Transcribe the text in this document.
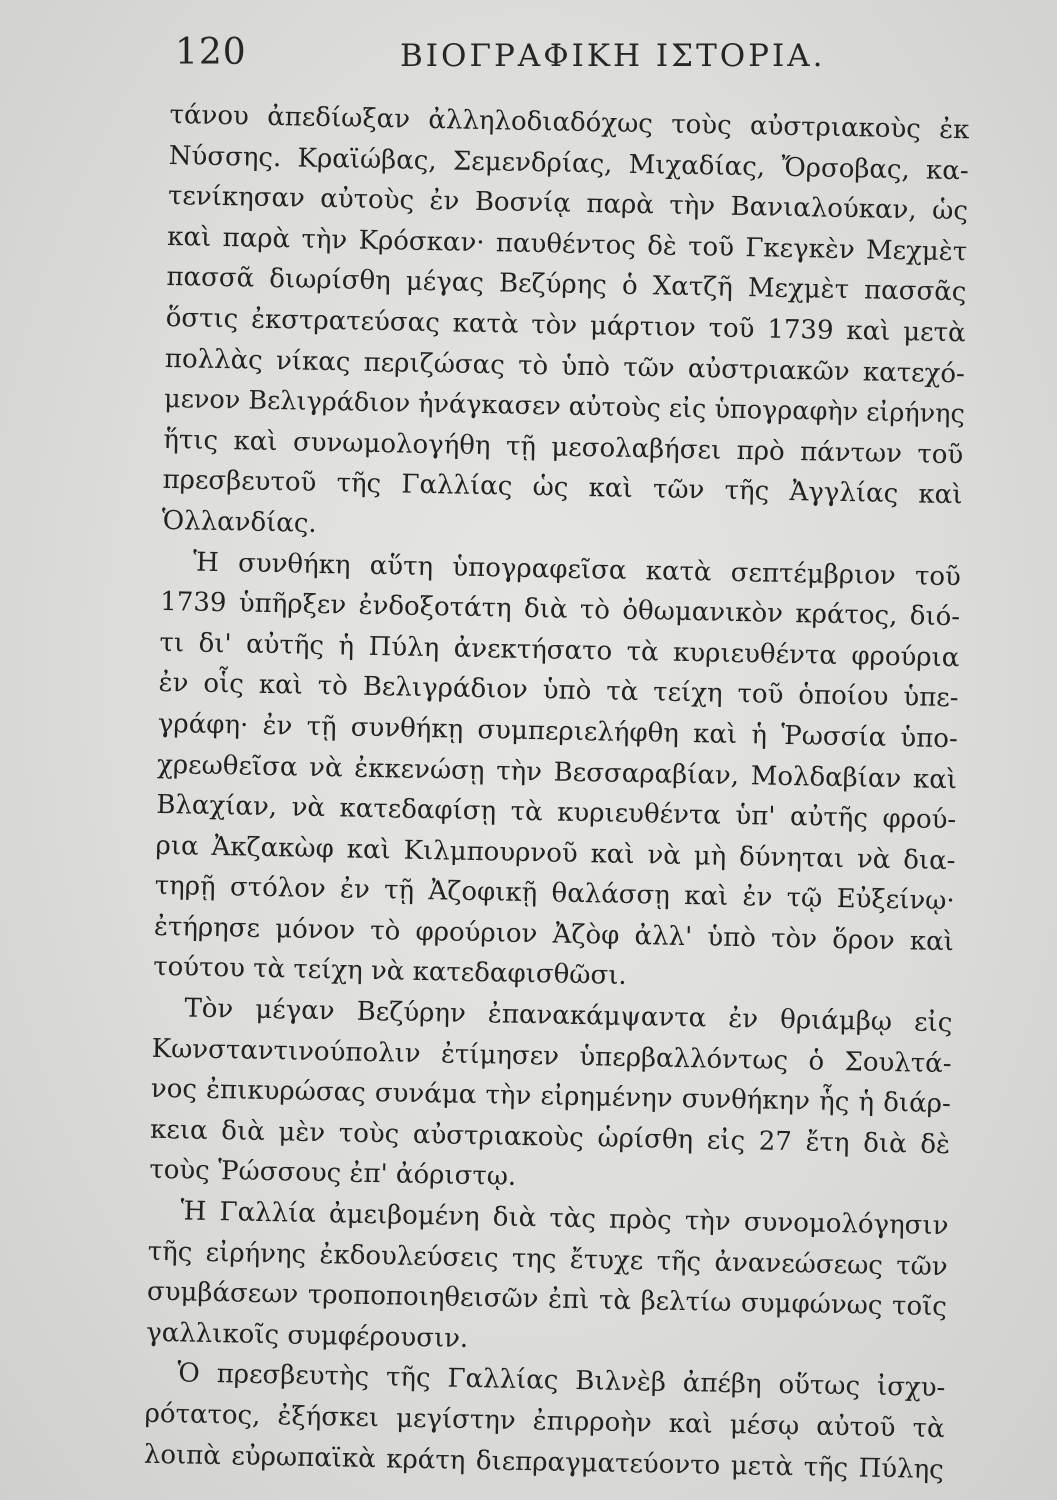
120	ΒΙΟΓΡΑΦΙΚΗ ΙΣΤΟΡΙΑ.
τάνου ἀπεδίωξαν ἀλληλοδιαδόχως τοὺς αὐστριακοὺς ἐκ
Νύσσης. Κραϊώβας, Σεμενδρίας, Μιχαδίας, Ὄρσοβας, κα-
τενίκησαν αὐτοὺς ἐν Βοσνίᾳ παρὰ τὴν Βανιαλούκαν, ὡς
καὶ παρὰ τὴν Κρόσκαν· παυθέντος δὲ τοῦ Γκεγκὲν Μεχμὲτ
πασσᾶ διωρίσθη μέγας Βεζύρης ὁ Χατζῆ Μεχμὲτ πασσᾶς
ὅστις ἐκστρατεύσας κατὰ τὸν μάρτιον τοῦ 1739 καὶ μετὰ
πολλὰς νίκας περιζώσας τὸ ὑπὸ τῶν αὐστριακῶν κατεχό-
μενον Βελιγράδιον ἠνάγκασεν αὐτοὺς εἰς ὑπογραφὴν εἰρήνης
ἥτις καὶ συνωμολογήθη τῇ μεσολαβήσει πρὸ πάντων τοῦ
πρεσβευτοῦ τῆς Γαλλίας ὡς καὶ τῶν τῆς Ἀγγλίας καὶ
Ὁλλανδίας.
Ἡ συνθήκη αὕτη ὑπογραφεῖσα κατὰ σεπτέμβριον τοῦ
1739 ὑπῆρξεν ἐνδοξοτάτη διὰ τὸ ὀθωμανικὸν κράτος, διό-
τι δι' αὐτῆς ἡ Πύλη ἀνεκτήσατο τὰ κυριευθέντα φρούρια
ἐν οἷς καὶ τὸ Βελιγράδιον ὑπὸ τὰ τείχη τοῦ ὁποίου ὑπε-
γράφη· ἐν τῇ συνθήκῃ συμπεριελήφθη καὶ ἡ Ῥωσσία ὑπο-
χρεωθεῖσα νὰ ἐκκενώσῃ τὴν Βεσσαραβίαν, Μολδαβίαν καὶ
Βλαχίαν, νὰ κατεδαφίσῃ τὰ κυριευθέντα ὑπ' αὐτῆς φρού-
ρια Ἀκζακὼφ καὶ Κιλμπουρνοῦ καὶ νὰ μὴ δύνηται νὰ δια-
τηρῇ στόλον ἐν τῇ Ἀζοφικῇ θαλάσσῃ καὶ ἐν τῷ Εὐξείνῳ·
ἐτήρησε μόνον τὸ φρούριον Ἀζὸφ ἀλλ' ὑπὸ τὸν ὅρον καὶ
τούτου τὰ τείχη νὰ κατεδαφισθῶσι.
Τὸν μέγαν Βεζύρην ἐπανακάμψαντα ἐν θριάμβῳ εἰς
Κωνσταντινούπολιν ἐτίμησεν ὑπερβαλλόντως ὁ Σουλτά-
νος ἐπικυρώσας συνάμα τὴν εἰρημένην συνθήκην ἧς ἡ διάρ-
κεια διὰ μὲν τοὺς αὐστριακοὺς ὡρίσθη εἰς 27 ἔτη διὰ δὲ
τοὺς Ῥώσσους ἐπ' ἀόριστῳ.
Ἡ Γαλλία ἀμειβομένη διὰ τὰς πρὸς τὴν συνομολόγησιν
τῆς εἰρήνης ἐκδουλεύσεις της ἔτυχε τῆς ἀνανεώσεως τῶν
συμβάσεων τροποποιηθεισῶν ἐπὶ τὰ βελτίω συμφώνως τοῖς
γαλλικοῖς συμφέρουσιν.
Ὁ πρεσβευτὴς τῆς Γαλλίας Βιλνὲβ ἀπέβη οὕτως ἰσχυ-
ρότατος, ἐξήσκει μεγίστην ἐπιρροὴν καὶ μέσῳ αὐτοῦ τὰ
λοιπὰ εὐρωπαϊκὰ κράτη διεπραγματεύοντο μετὰ τῆς Πύλης
